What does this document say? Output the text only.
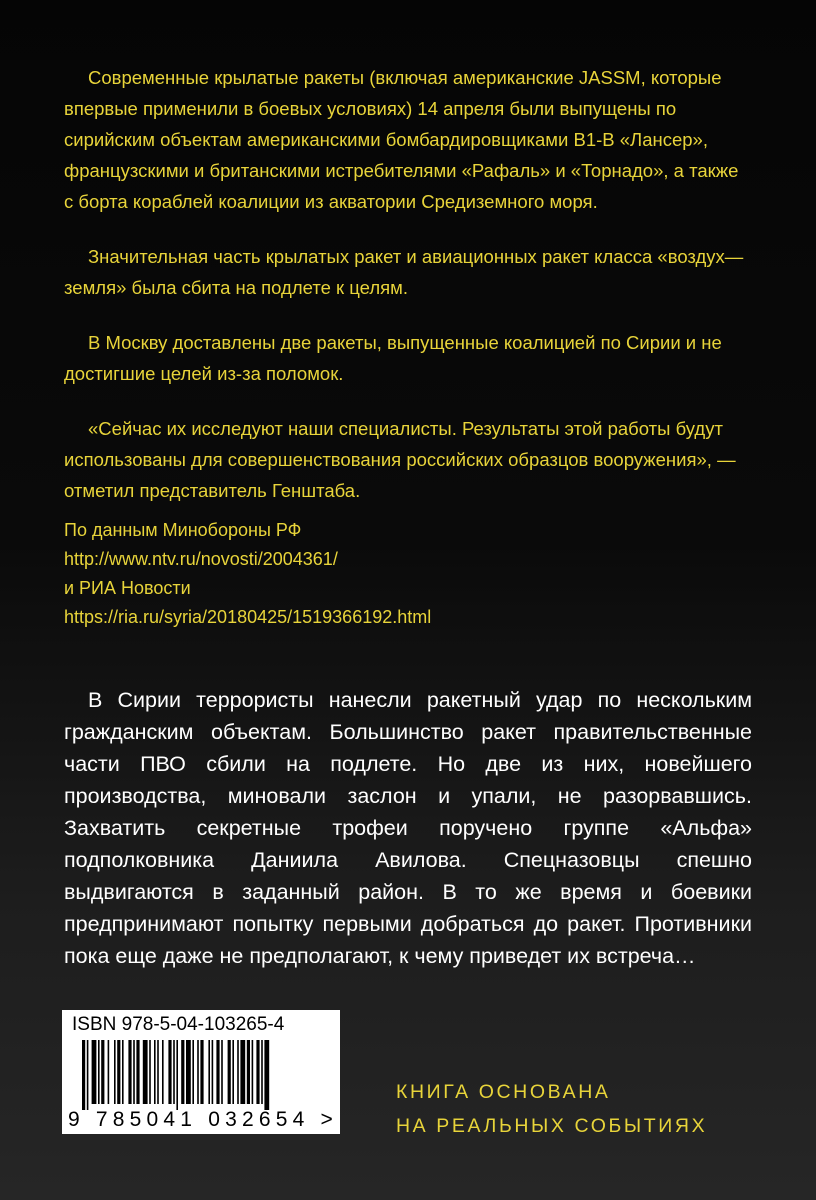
Современные крылатые ракеты (включая американские JASSM, которые впервые применили в боевых условиях) 14 апреля были выпущены по сирийским объектам американскими бомбардировщиками B1-B «Лансер», французскими и британскими истребителями «Рафаль» и «Торнадо», а также с борта кораблей коалиции из акватории Средиземного моря.

Значительная часть крылатых ракет и авиационных ракет класса «воздух—земля» была сбита на подлете к целям.

В Москву доставлены две ракеты, выпущенные коалицией по Сирии и не достигшие целей из-за поломок.

«Сейчас их исследуют наши специалисты. Результаты этой работы будут использованы для совершенствования российских образцов вооружения», — отметил представитель Генштаба.

По данным Минобороны РФ
http://www.ntv.ru/novosti/2004361/
и РИА Новости
https://ria.ru/syria/20180425/1519366192.html

В Сирии террористы нанесли ракетный удар по нескольким гражданским объектам. Большинство ракет правительственные части ПВО сбили на подлете. Но две из них, новейшего производства, миновали заслон и упали, не разорвавшись. Захватить секретные трофеи поручено группе «Альфа» подполковника Даниила Авилова. Спецназовцы спешно выдвигаются в заданный район. В то же время и боевики предпринимают попытку первыми добраться до ракет. Противники пока еще даже не предполагают, к чему приведет их встреча…

ISBN 978-5-04-103265-4
9 785041 032654 >
КНИГА ОСНОВАНА
НА РЕАЛЬНЫХ СОБЫТИЯХ
